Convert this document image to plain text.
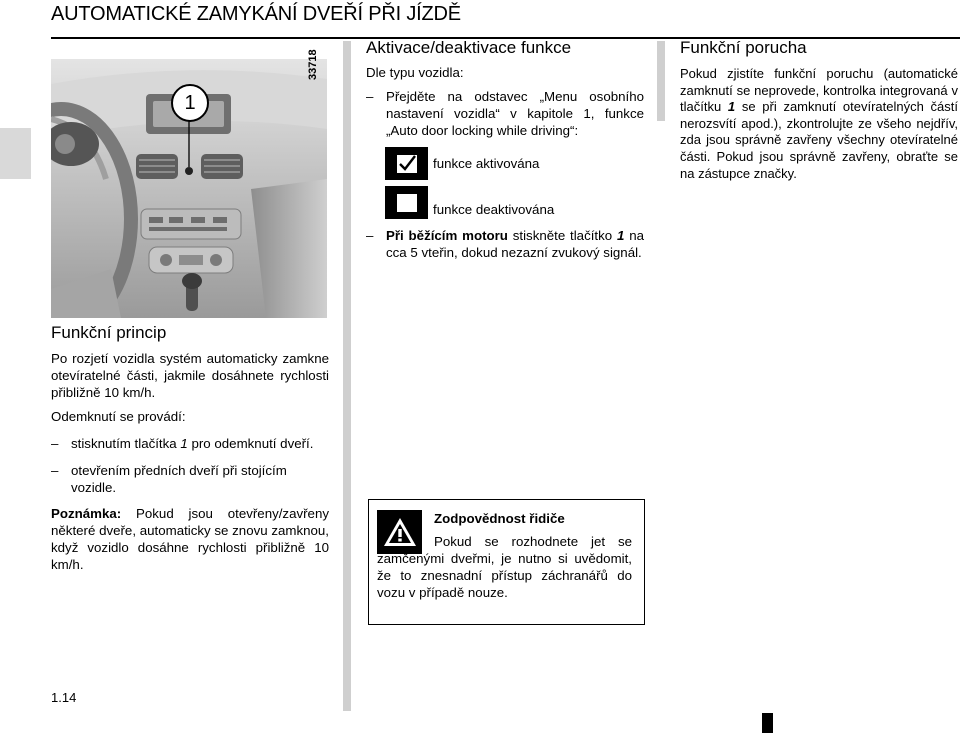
AUTOMATICKÉ ZAMYKÁNÍ DVEŘÍ PŘI JÍZDĚ
1
33718
Funkční princip
Po rozjetí vozidla systém automaticky zamkne otevíratelné části, jakmile dosáhnete rychlosti přibližně 10 km/h.
Odemknutí se provádí:
– stisknutím tlačítka 1 pro odemknutí dveří.
– otevřením předních dveří při stojícím vozidle.
Poznámka: Pokud jsou otevřeny/zavřeny některé dveře, automaticky se znovu zamknou, když vozidlo dosáhne rychlosti přibližně 10 km/h.
Aktivace/deaktivace funkce
Dle typu vozidla:
– Přejděte na odstavec „Menu osobního nastavení vozidla“ v kapitole 1, funkce „Auto door locking while driving“:
funkce aktivována
funkce deaktivována
– Při běžícím motoru stiskněte tlačítko 1 na cca 5 vteřin, dokud nezazní zvukový signál.
Zodpovědnost řidiče
Pokud se rozhodnete jet se zamčenými dveřmi, je nutno si uvědomit, že to znesnadní přístup záchranářů do vozu v případě nouze.
Funkční porucha
Pokud zjistíte funkční poruchu (automatické zamknutí se neprovede, kontrolka integrovaná v tlačítku 1 se při zamknutí otevíratelných částí nerozsvítí apod.), zkontrolujte ze všeho nejdřív, zda jsou správně zavřeny všechny otevíratelné části. Pokud jsou správně zavřeny, obraťte se na zástupce značky.
1.14
